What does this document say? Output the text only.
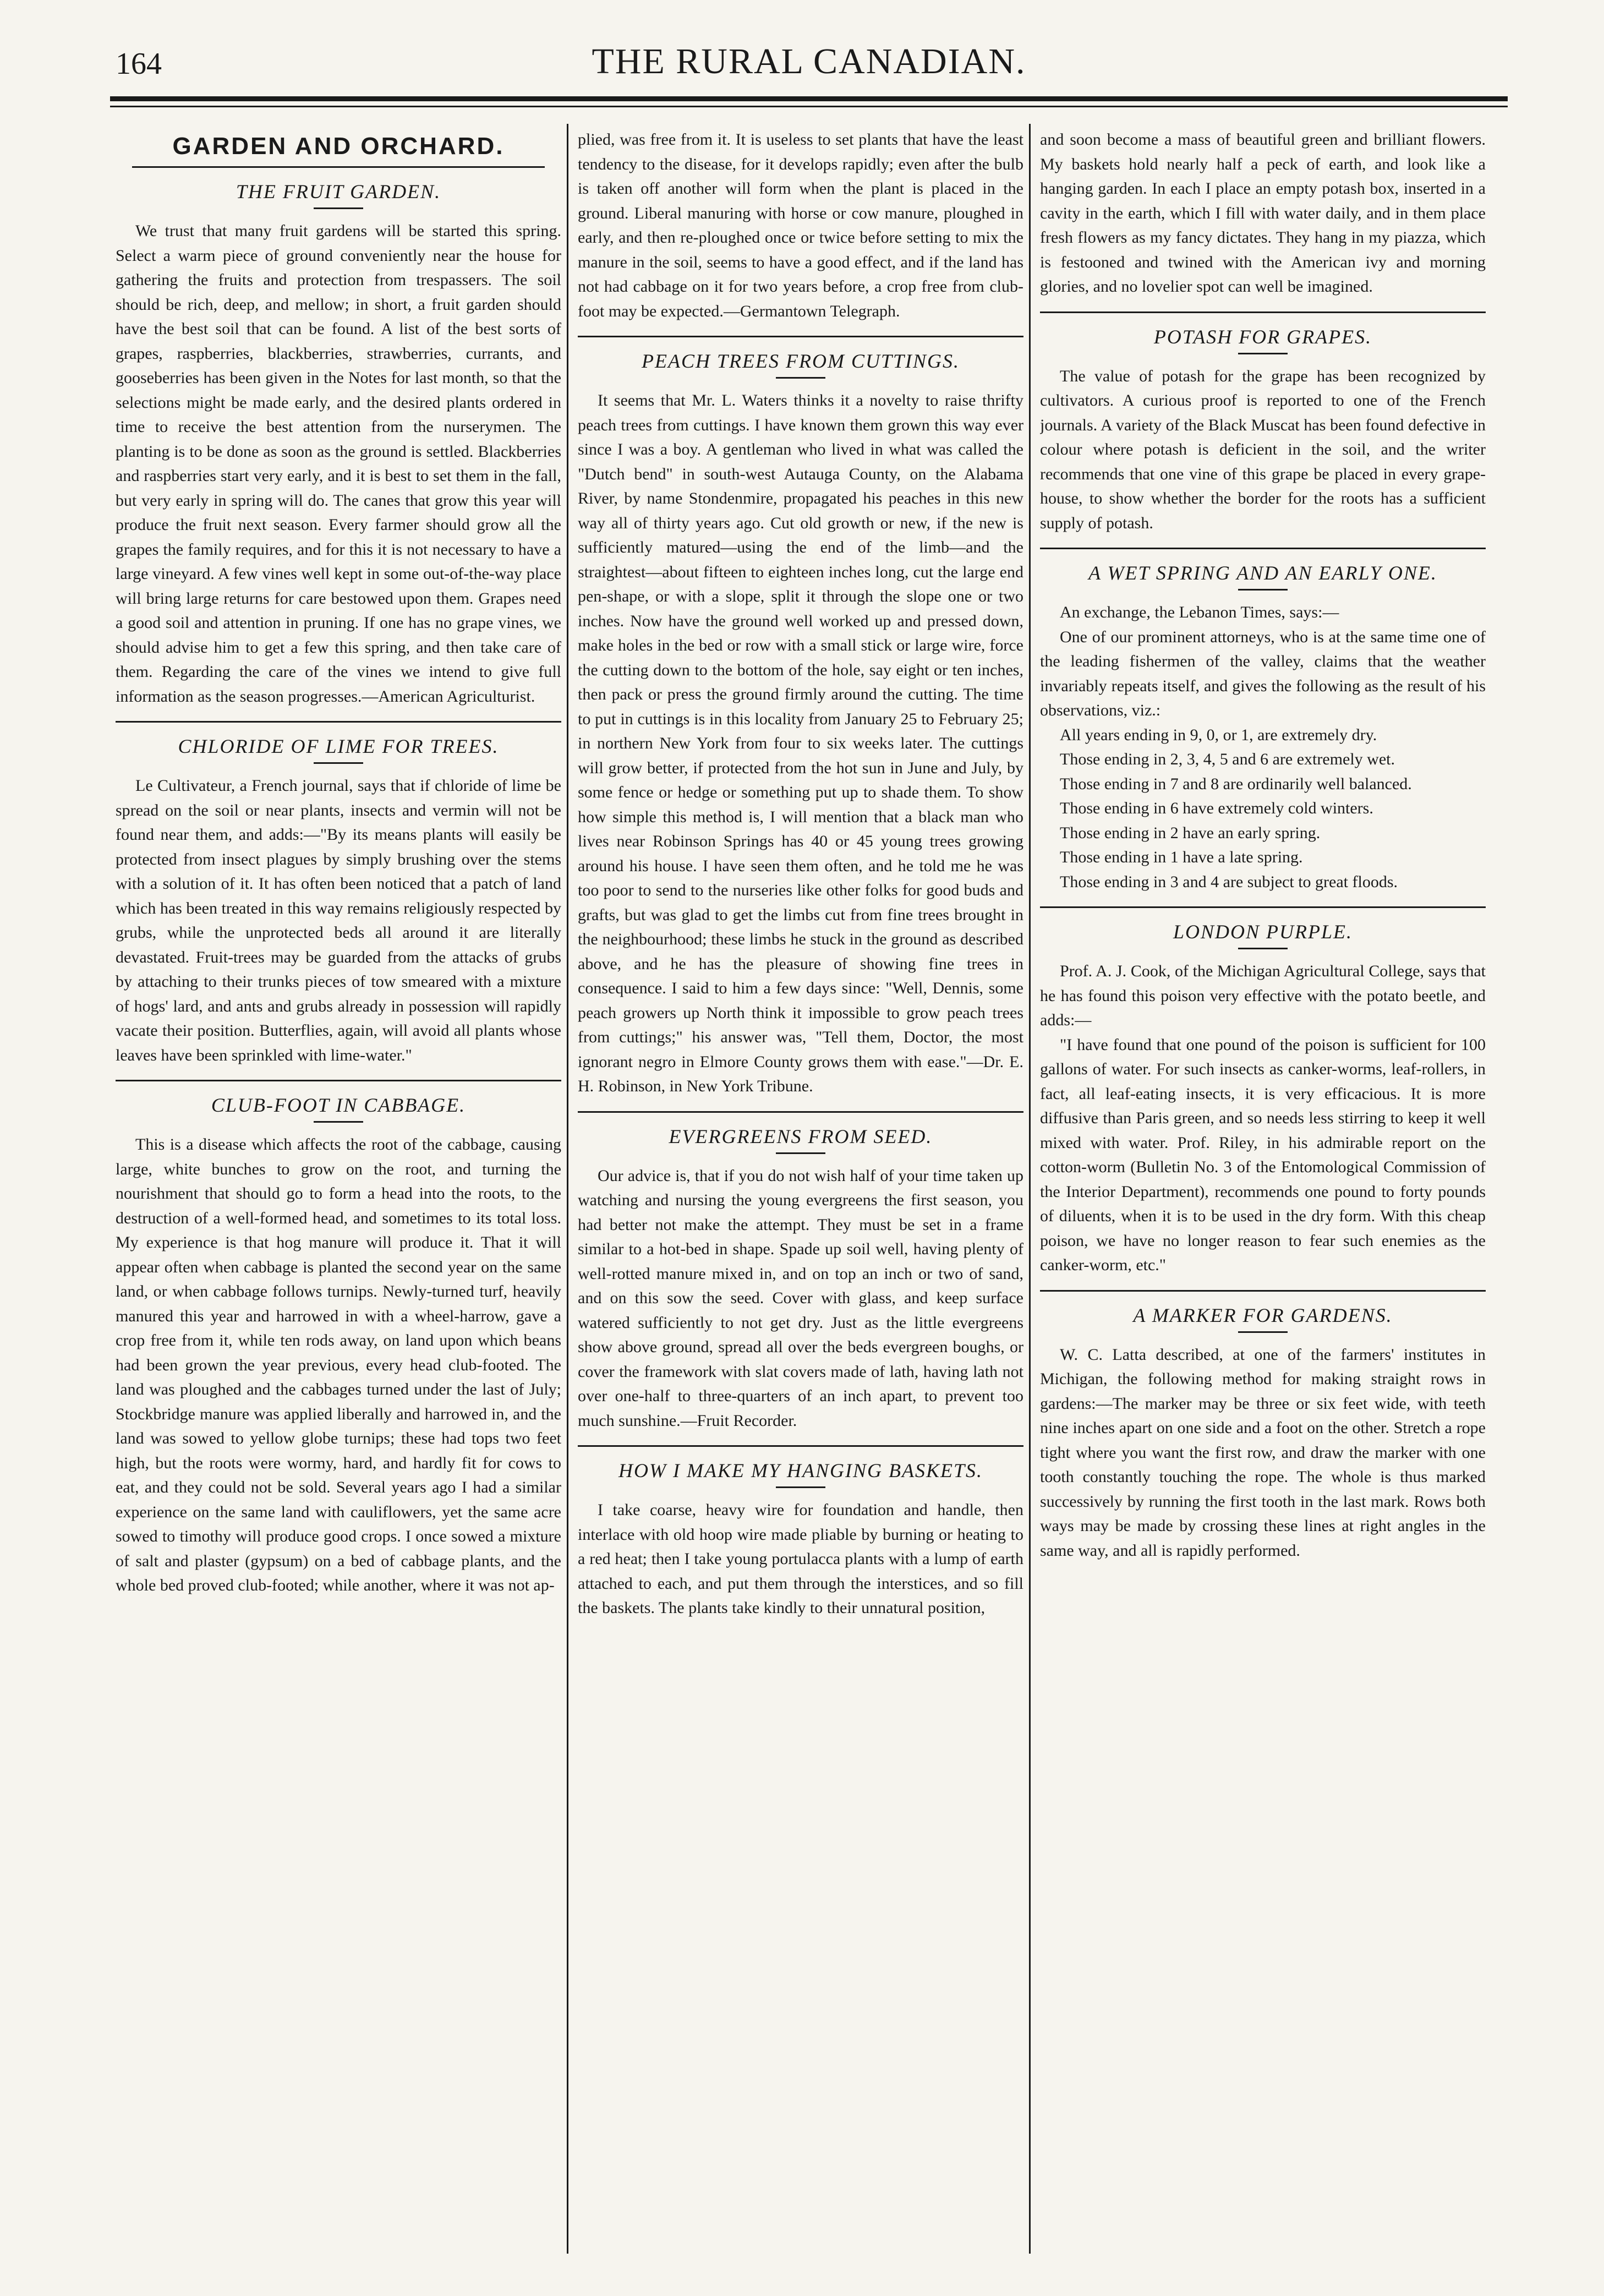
164	THE RURAL CANADIAN.
GARDEN AND ORCHARD.
THE FRUIT GARDEN.

We trust that many fruit gardens will be started this spring. Select a warm piece of ground conveniently near the house for gathering the fruits and protection from trespassers. The soil should be rich, deep, and mellow; in short, a fruit garden should have the best soil that can be found. A list of the best sorts of grapes, raspberries, blackberries, strawberries, currants, and gooseberries has been given in the Notes for last month, so that the selections might be made early, and the desired plants ordered in time to receive the best attention from the nurserymen. The planting is to be done as soon as the ground is settled. Blackberries and raspberries start very early, and it is best to set them in the fall, but very early in spring will do. The canes that grow this year will produce the fruit next season. Every farmer should grow all the grapes the family requires, and for this it is not necessary to have a large vineyard. A few vines well kept in some out-of-the-way place will bring large returns for care bestowed upon them. Grapes need a good soil and attention in pruning. If one has no grape vines, we should advise him to get a few this spring, and then take care of them. Regarding the care of the vines we intend to give full information as the season progresses.—American Agriculturist.

CHLORIDE OF LIME FOR TREES.

Le Cultivateur, a French journal, says that if chloride of lime be spread on the soil or near plants, insects and vermin will not be found near them, and adds:—"By its means plants will easily be protected from insect plagues by simply brushing over the stems with a solution of it. It has often been noticed that a patch of land which has been treated in this way remains religiously respected by grubs, while the unprotected beds all around it are literally devastated. Fruit-trees may be guarded from the attacks of grubs by attaching to their trunks pieces of tow smeared with a mixture of hogs' lard, and ants and grubs already in possession will rapidly vacate their position. Butterflies, again, will avoid all plants whose leaves have been sprinkled with lime-water."

CLUB-FOOT IN CABBAGE.

This is a disease which affects the root of the cabbage, causing large, white bunches to grow on the root, and turning the nourishment that should go to form a head into the roots, to the destruction of a well-formed head, and sometimes to its total loss. My experience is that hog manure will produce it. That it will appear often when cabbage is planted the second year on the same land, or when cabbage follows turnips. Newly-turned turf, heavily manured this year and harrowed in with a wheel-harrow, gave a crop free from it, while ten rods away, on land upon which beans had been grown the year previous, every head club-footed. The land was ploughed and the cabbages turned under the last of July; Stockbridge manure was applied liberally and harrowed in, and the land was sowed to yellow globe turnips; these had tops two feet high, but the roots were wormy, hard, and hardly fit for cows to eat, and they could not be sold. Several years ago I had a similar experience on the same land with cauliflowers, yet the same acre sowed to timothy will produce good crops. I once sowed a mixture of salt and plaster (gypsum) on a bed of cabbage plants, and the whole bed proved club-footed; while another, where it was not ap-

plied, was free from it. It is useless to set plants that have the least tendency to the disease, for it develops rapidly; even after the bulb is taken off another will form when the plant is placed in the ground. Liberal manuring with horse or cow manure, ploughed in early, and then re-ploughed once or twice before setting to mix the manure in the soil, seems to have a good effect, and if the land has not had cabbage on it for two years before, a crop free from club-foot may be expected.—Germantown Telegraph.

PEACH TREES FROM CUTTINGS.

It seems that Mr. L. Waters thinks it a novelty to raise thrifty peach trees from cuttings. I have known them grown this way ever since I was a boy. A gentleman who lived in what was called the "Dutch bend" in south-west Autauga County, on the Alabama River, by name Stondenmire, propagated his peaches in this new way all of thirty years ago. Cut old growth or new, if the new is sufficiently matured—using the end of the limb—and the straightest—about fifteen to eighteen inches long, cut the large end pen-shape, or with a slope, split it through the slope one or two inches. Now have the ground well worked up and pressed down, make holes in the bed or row with a small stick or large wire, force the cutting down to the bottom of the hole, say eight or ten inches, then pack or press the ground firmly around the cutting. The time to put in cuttings is in this locality from January 25 to February 25; in northern New York from four to six weeks later. The cuttings will grow better, if protected from the hot sun in June and July, by some fence or hedge or something put up to shade them. To show how simple this method is, I will mention that a black man who lives near Robinson Springs has 40 or 45 young trees growing around his house. I have seen them often, and he told me he was too poor to send to the nurseries like other folks for good buds and grafts, but was glad to get the limbs cut from fine trees brought in the neighbourhood; these limbs he stuck in the ground as described above, and he has the pleasure of showing fine trees in consequence. I said to him a few days since: "Well, Dennis, some peach growers up North think it impossible to grow peach trees from cuttings;" his answer was, "Tell them, Doctor, the most ignorant negro in Elmore County grows them with ease."—Dr. E. H. Robinson, in New York Tribune.

EVERGREENS FROM SEED.

Our advice is, that if you do not wish half of your time taken up watching and nursing the young evergreens the first season, you had better not make the attempt. They must be set in a frame similar to a hot-bed in shape. Spade up soil well, having plenty of well-rotted manure mixed in, and on top an inch or two of sand, and on this sow the seed. Cover with glass, and keep surface watered sufficiently to not get dry. Just as the little evergreens show above ground, spread all over the beds evergreen boughs, or cover the framework with slat covers made of lath, having lath not over one-half to three-quarters of an inch apart, to prevent too much sunshine.—Fruit Recorder.

HOW I MAKE MY HANGING BASKETS.

I take coarse, heavy wire for foundation and handle, then interlace with old hoop wire made pliable by burning or heating to a red heat; then I take young portulacca plants with a lump of earth attached to each, and put them through the interstices, and so fill the baskets. The plants take kindly to their unnatural position,

and soon become a mass of beautiful green and brilliant flowers. My baskets hold nearly half a peck of earth, and look like a hanging garden. In each I place an empty potash box, inserted in a cavity in the earth, which I fill with water daily, and in them place fresh flowers as my fancy dictates. They hang in my piazza, which is festooned and twined with the American ivy and morning glories, and no lovelier spot can well be imagined.

POTASH FOR GRAPES.

The value of potash for the grape has been recognized by cultivators. A curious proof is reported to one of the French journals. A variety of the Black Muscat has been found defective in colour where potash is deficient in the soil, and the writer recommends that one vine of this grape be placed in every grape-house, to show whether the border for the roots has a sufficient supply of potash.

A WET SPRING AND AN EARLY ONE.

An exchange, the Lebanon Times, says:—

One of our prominent attorneys, who is at the same time one of the leading fishermen of the valley, claims that the weather invariably repeats itself, and gives the following as the result of his observations, viz.:

All years ending in 9, 0, or 1, are extremely dry.

Those ending in 2, 3, 4, 5 and 6 are extremely wet.

Those ending in 7 and 8 are ordinarily well balanced.

Those ending in 6 have extremely cold winters.

Those ending in 2 have an early spring.

Those ending in 1 have a late spring.

Those ending in 3 and 4 are subject to great floods.

LONDON PURPLE.

Prof. A. J. Cook, of the Michigan Agricultural College, says that he has found this poison very effective with the potato beetle, and adds:—

"I have found that one pound of the poison is sufficient for 100 gallons of water. For such insects as canker-worms, leaf-rollers, in fact, all leaf-eating insects, it is very efficacious. It is more diffusive than Paris green, and so needs less stirring to keep it well mixed with water. Prof. Riley, in his admirable report on the cotton-worm (Bulletin No. 3 of the Entomological Commission of the Interior Department), recommends one pound to forty pounds of diluents, when it is to be used in the dry form. With this cheap poison, we have no longer reason to fear such enemies as the canker-worm, etc."

A MARKER FOR GARDENS.

W. C. Latta described, at one of the farmers' institutes in Michigan, the following method for making straight rows in gardens:—The marker may be three or six feet wide, with teeth nine inches apart on one side and a foot on the other. Stretch a rope tight where you want the first row, and draw the marker with one tooth constantly touching the rope. The whole is thus marked successively by running the first tooth in the last mark. Rows both ways may be made by crossing these lines at right angles in the same way, and all is rapidly performed.
